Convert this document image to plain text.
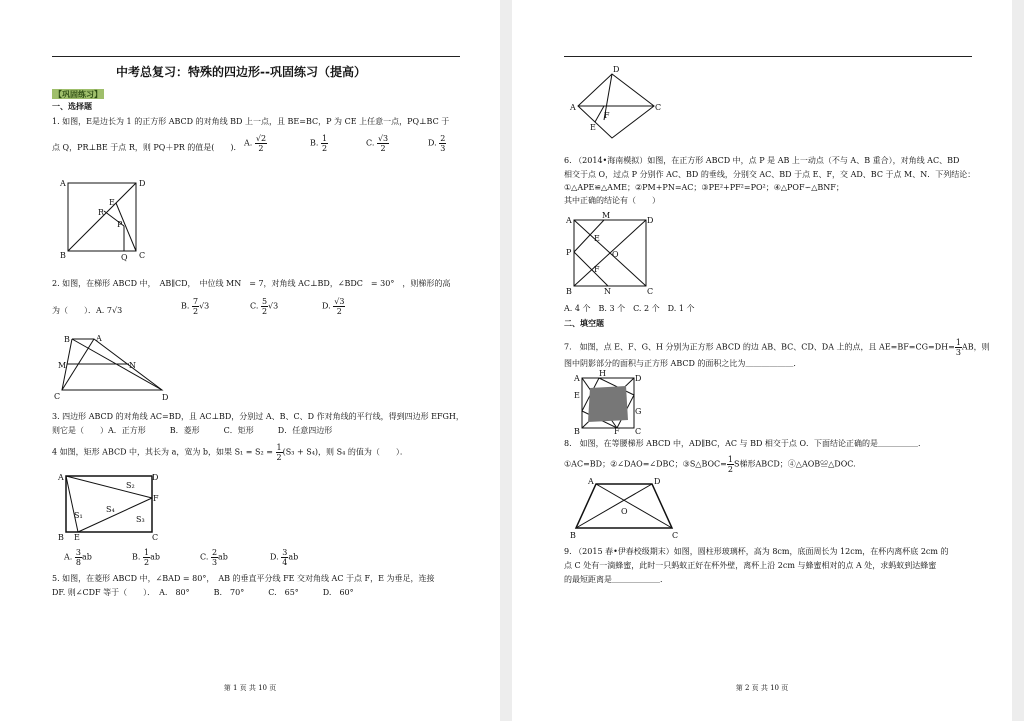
中考总复习：特殊的四边形--巩固练习（提高）
【巩固练习】
一、选择题
1. 如图，E是边长为 1 的正方形 ABCD 的对角线 BD 上一点，且 BE=BC，P 为 CE 上任意一点，PQ⊥BC 于
点 Q，PR⊥BE 于点 R，则 PQ＋PR 的值是(　　)． A. $\frac{√2}{2}$	B. $\frac{1}{2}$	C. $\frac{√3}{2}$	D. $\frac{2}{3}$
A
B	C
D
E
R
P
Q
2. 如图，在梯形 ABCD 中，　AB∥CD，　中位线 MN　= 7，对角线 AC⊥BD，∠BDC　= 30°　，则梯形的高
为（　　）．A. 7√3	B. $\frac{7}{2} √3$	C. $\frac{5}{2} √3$	D. $\frac{√3}{2}$
B	A
M	N
C	D
3. 四边形 ABCD 的对角线 AC=BD，且 AC⊥BD，分别过 A、B、C、D 作对角线的平行线，得到四边形 EFGH，
则它是（　　）A．正方形　　　B．菱形　　　C．矩形　　　D．任意四边形
4 如图，矩形 ABCD 中，其长为 a，宽为 b，如果 $S_1 = S_2 = \frac{1}{2} (S_3 + S_4)$，则 S₄ 的值为（　　）．
A
B	C
D
E
F
S₂
S₁
S₄
S₃
A. $\frac{3}{8}$ ab	B. $\frac{1}{2}$ ab	C. $\frac{2}{3}$ ab	D. $\frac{3}{4}$ ab
5. 如图，在菱形 ABCD 中，∠BAD = 80°，　AB 的垂直平分线 FE 交对角线 AC 于点 F，E 为垂足，连接
DF. 则∠CDF 等于（　　）．　A.　80°　　　B.　70°　　　C.　65°　　　D.　60°
第 1 页 共 10 页
D
A	C
F
E
6. （2014•海南模拟）如图，在正方形 ABCD 中，点 P 是 AB 上一动点（不与 A、B 重合），对角线 AC、BD
相交于点 O，过点 P 分别作 AC、BD 的垂线，分别交 AC、BD 于点 E、F，交 AD、BC 于点 M、N．下列结论：
①△APE≌△AME；②PM+PN=AC；③PE²+PF²=PO²；④△POF∽△BNF；
其中正确的结论有（　　）
A
M
D
P
E
F
O
B	N	C
A. 4 个　B. 3 个　C. 2 个　D. 1 个
二、填空题
7.　如图，点 E、F、G、H 分别为正方形 ABCD 的边 AB、BC、CD、DA 上的点，且 $AE=BF=CG=DH= \frac{1}{3}$ AB，则
图中阴影部分的面积与正方形 ABCD 的面积之比为＿＿＿＿＿＿．
A	D
E
G
B	C
H
F
8.　如图，在等腰梯形 ABCD 中，AD∥BC，AC 与 BD 相交于点 O．下面结论正确的是＿＿＿＿＿．
①AC=BD；②∠DAO=∠DBC；③S△BOC= $\frac{1}{2}$ S梯形ABCD；④△AOB≌△DOC.
A	D
O
B	C
9. （2015 春•伊春校级期末）如图，圆柱形玻璃杯，高为 8cm，底面周长为 12cm，在杯内离杯底 2cm 的
点 C 处有一滴蜂蜜，此时一只蚂蚁正好在杯外壁，离杯上沿 2cm 与蜂蜜相对的点 A 处，求蚂蚁到达蜂蜜
的最短距离是＿＿＿＿＿＿．
第 2 页 共 10 页
